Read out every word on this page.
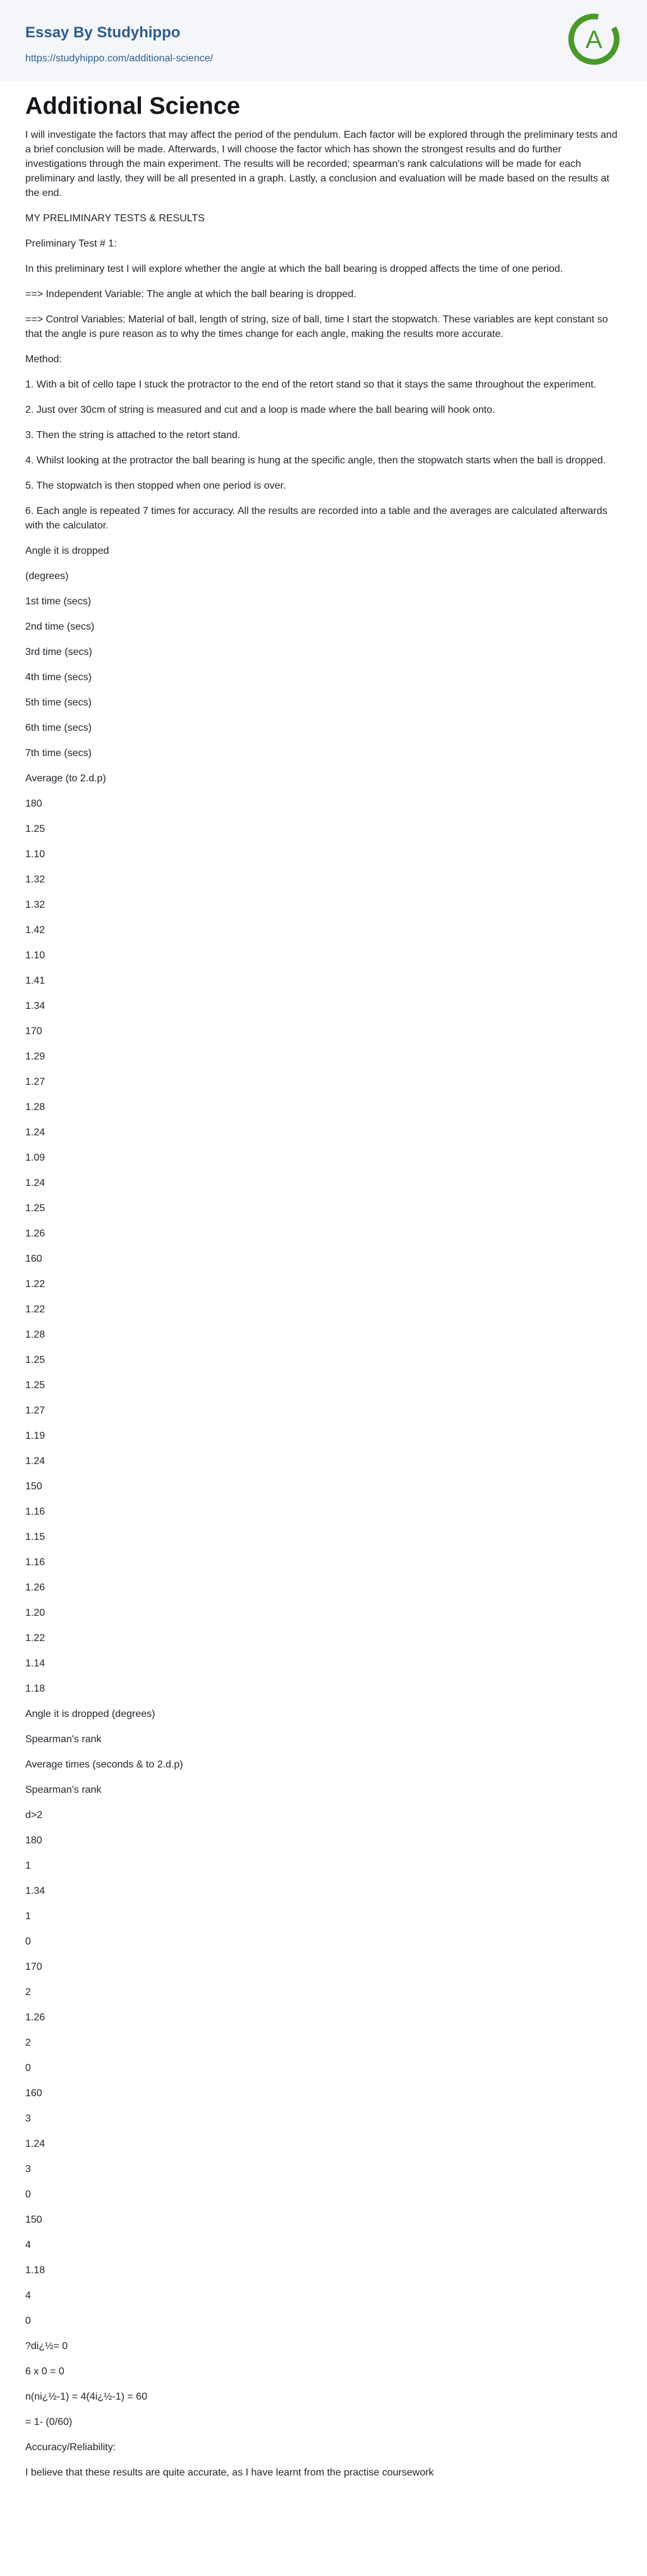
Essay By Studyhippo
https://studyhippo.com/additional-science/
A
Additional Science

I will investigate the factors that may affect the period of the pendulum. Each factor will be explored through the preliminary tests and a brief conclusion will be made. Afterwards, I will choose the factor which has shown the strongest results and do further investigations through the main experiment. The results will be recorded; spearman's rank calculations will be made for each preliminary and lastly, they will be all presented in a graph. Lastly, a conclusion and evaluation will be made based on the results at the end.

MY PRELIMINARY TESTS & RESULTS

Preliminary Test # 1:

In this preliminary test I will explore whether the angle at which the ball bearing is dropped affects the time of one period.

==> Independent Variable: The angle at which the ball bearing is dropped.

==> Control Variables: Material of ball, length of string, size of ball, time I start the stopwatch. These variables are kept constant so that the angle is pure reason as to why the times change for each angle, making the results more accurate.

Method:

1. With a bit of cello tape I stuck the protractor to the end of the retort stand so that it stays the same throughout the experiment.

2. Just over 30cm of string is measured and cut and a loop is made where the ball bearing will hook onto.

3. Then the string is attached to the retort stand.

4. Whilst looking at the protractor the ball bearing is hung at the specific angle, then the stopwatch starts when the ball is dropped.

5. The stopwatch is then stopped when one period is over.

6. Each angle is repeated 7 times for accuracy. All the results are recorded into a table and the averages are calculated afterwards with the calculator.

Angle it is dropped
(degrees)
1st time (secs)
2nd time (secs)
3rd time (secs)
4th time (secs)
5th time (secs)
6th time (secs)
7th time (secs)
Average (to 2.d.p)
180
1.25
1.10
1.32
1.32
1.42
1.10
1.41
1.34
170
1.29
1.27
1.28
1.24
1.09
1.24
1.25
1.26
160
1.22
1.22
1.28
1.25
1.25
1.27
1.19
1.24
150
1.16
1.15
1.16
1.26
1.20
1.22
1.14
1.18
Angle it is dropped (degrees)
Spearman's rank
Average times (seconds & to 2.d.p)
Spearman's rank
d>2
180
1
1.34
1
0
170
2
1.26
2
0
160
3
1.24
3
0
150
4
1.18
4
0
?di¿½= 0
6 x 0 = 0
n(ni¿½-1) = 4(4i¿½-1) = 60
= 1- (0/60)
Accuracy/Reliability:
I believe that these results are quite accurate, as I have learnt from the practise coursework
